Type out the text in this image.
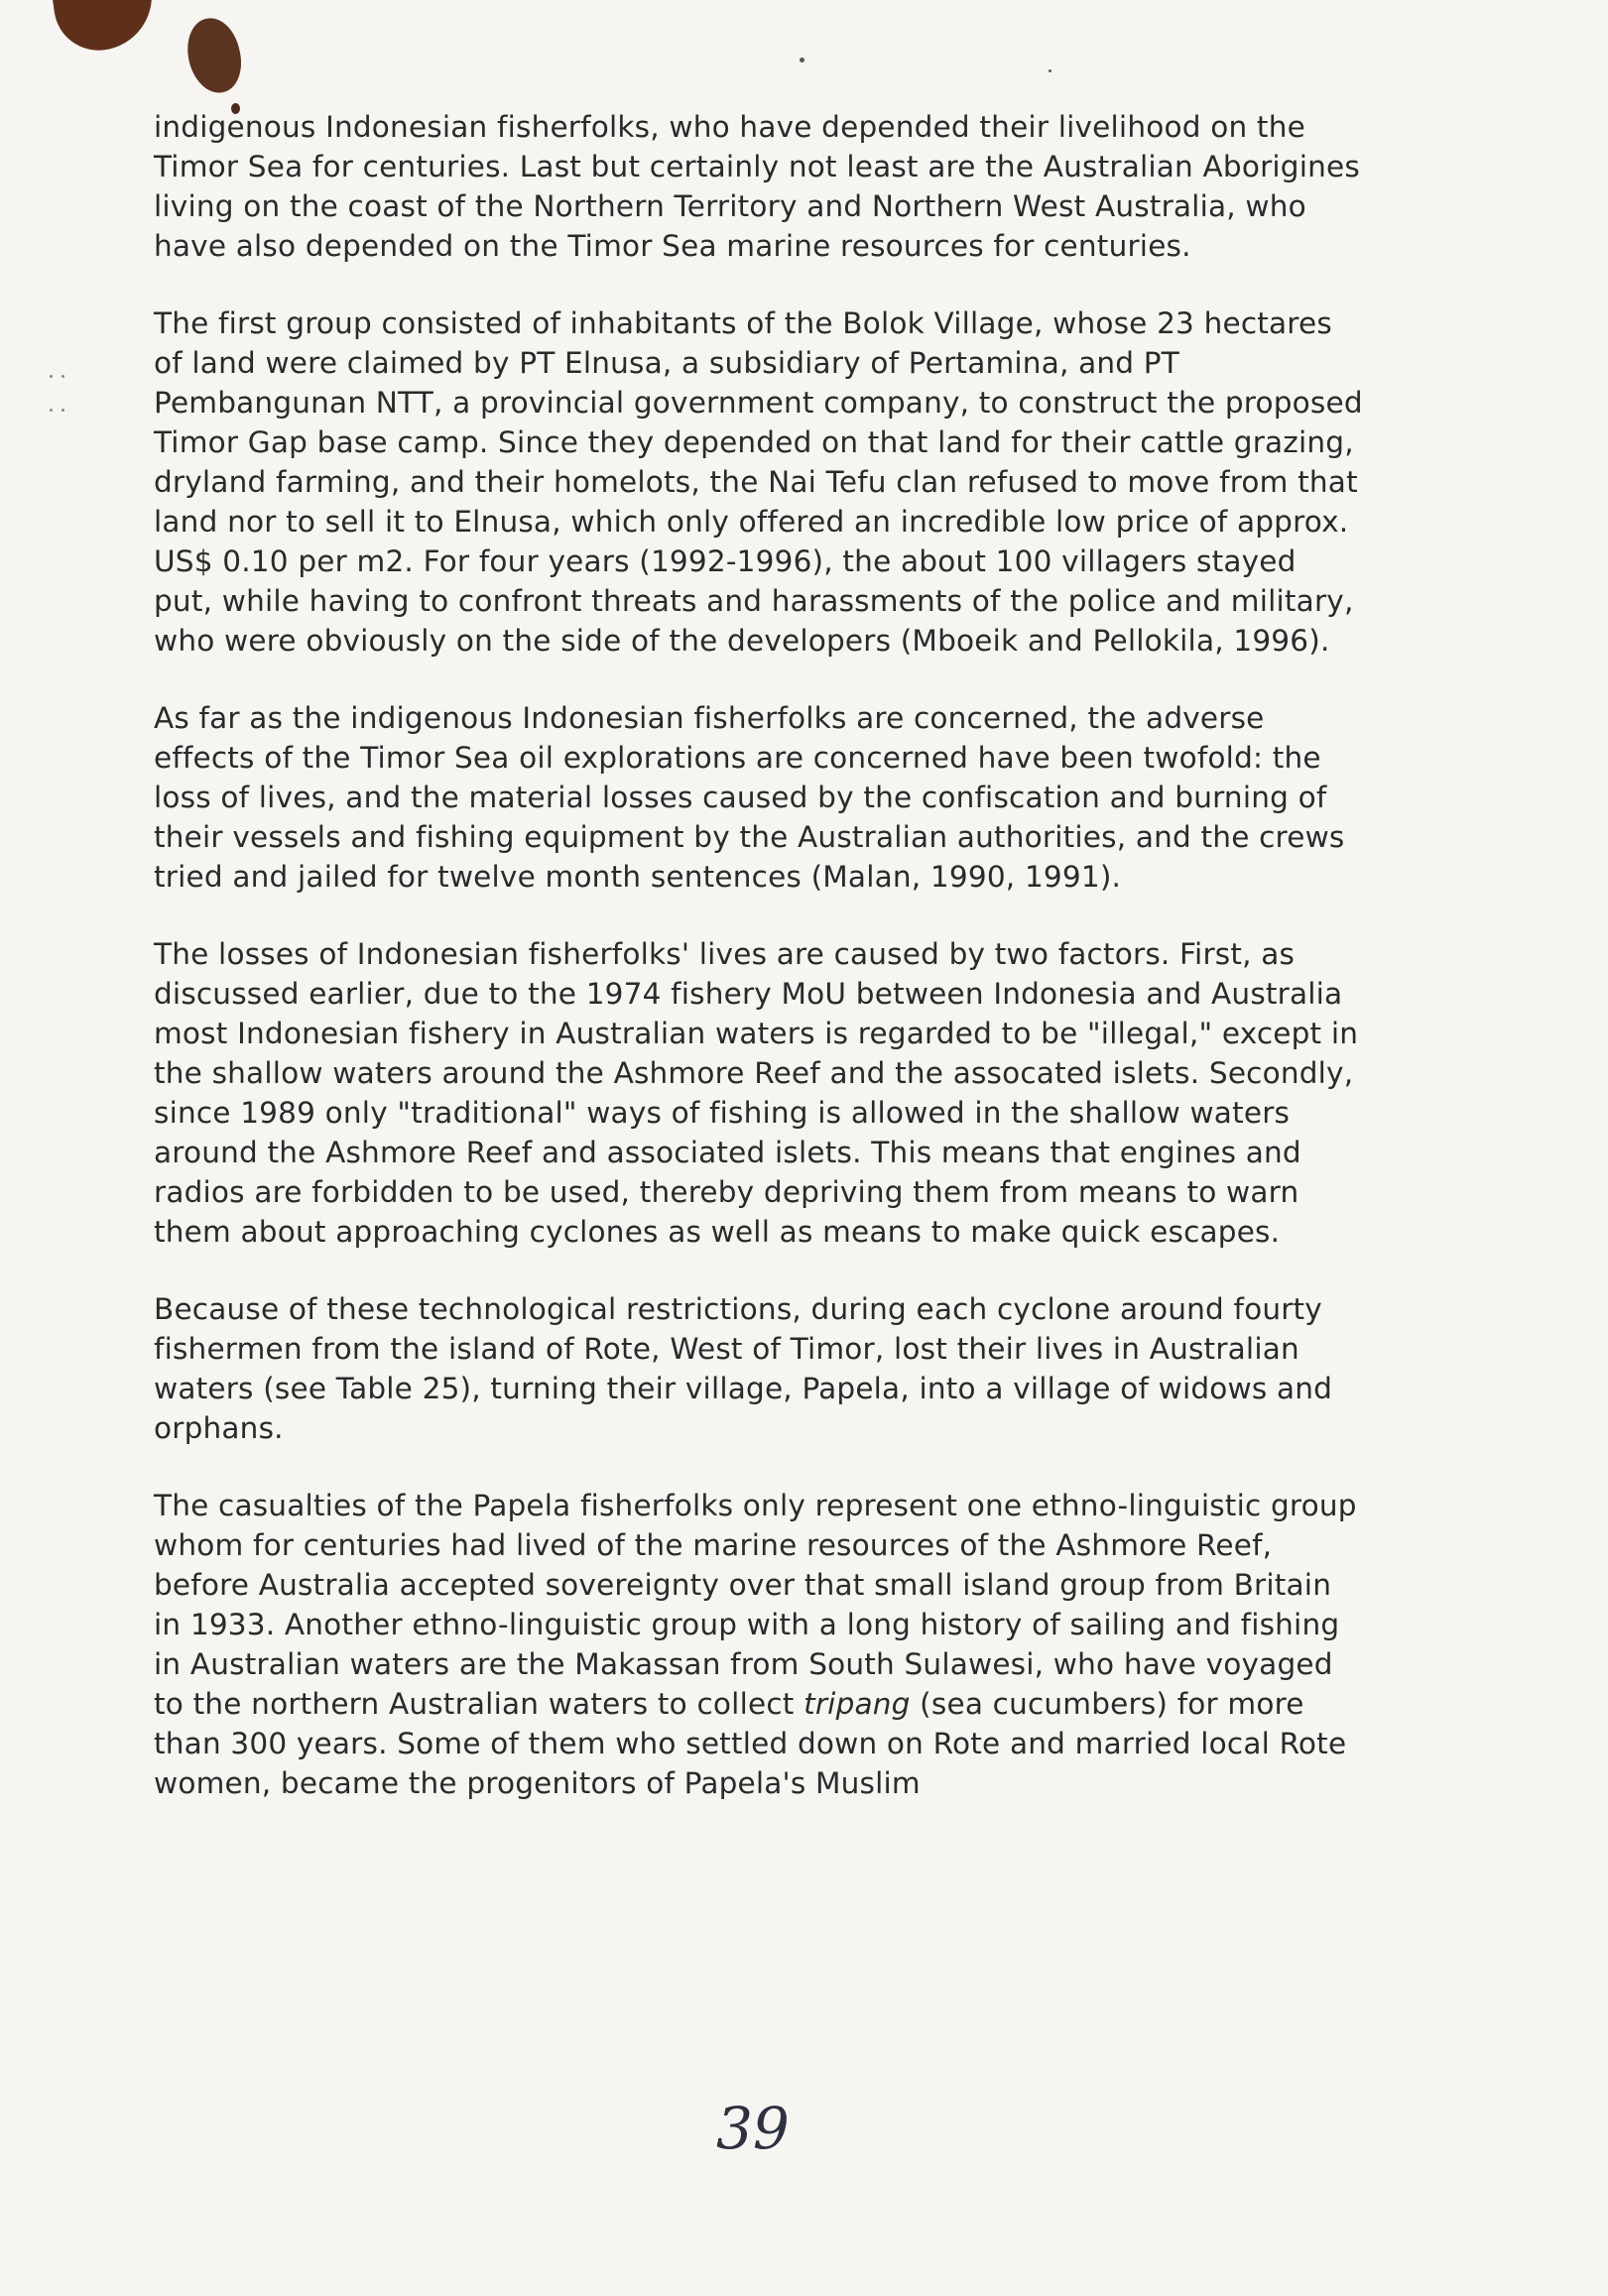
indigenous Indonesian fisherfolks, who have depended their livelihood on the Timor Sea for centuries. Last but certainly not least are the Australian Aborigines living on the coast of the Northern Territory and Northern West Australia, who have also depended on the Timor Sea marine resources for centuries.

The first group consisted of inhabitants of the Bolok Village, whose 23 hectares of land were claimed by PT Elnusa, a subsidiary of Pertamina, and PT Pembangunan NTT, a provincial government company, to construct the proposed Timor Gap base camp. Since they depended on that land for their cattle grazing, dryland farming, and their homelots, the Nai Tefu clan refused to move from that land nor to sell it to Elnusa, which only offered an incredible low price of approx. US$ 0.10 per m2. For four years (1992-1996), the about 100 villagers stayed put, while having to confront threats and harassments of the police and military, who were obviously on the side of the developers (Mboeik and Pellokila, 1996).

As far as the indigenous Indonesian fisherfolks are concerned, the adverse effects of the Timor Sea oil explorations are concerned have been twofold: the loss of lives, and the material losses caused by the confiscation and burning of their vessels and fishing equipment by the Australian authorities, and the crews tried and jailed for twelve month sentences (Malan, 1990, 1991).

The losses of Indonesian fisherfolks' lives are caused by two factors. First, as discussed earlier, due to the 1974 fishery MoU between Indonesia and Australia most Indonesian fishery in Australian waters is regarded to be "illegal," except in the shallow waters around the Ashmore Reef and the assocated islets. Secondly, since 1989 only "traditional" ways of fishing is allowed in the shallow waters around the Ashmore Reef and associated islets. This means that engines and radios are forbidden to be used, thereby depriving them from means to warn them about approaching cyclones as well as means to make quick escapes.

Because of these technological restrictions, during each cyclone around fourty fishermen from the island of Rote, West of Timor, lost their lives in Australian waters (see Table 25), turning their village, Papela, into a village of widows and orphans.

The casualties of the Papela fisherfolks only represent one ethno-linguistic group whom for centuries had lived of the marine resources of the Ashmore Reef, before Australia accepted sovereignty over that small island group from Britain in 1933. Another ethno-linguistic group with a long history of sailing and fishing in Australian waters are the Makassan from South Sulawesi, who have voyaged to the northern Australian waters to collect tripang (sea cucumbers) for more than 300 years. Some of them who settled down on Rote and married local Rote women, became the progenitors of Papela's Muslim

39
